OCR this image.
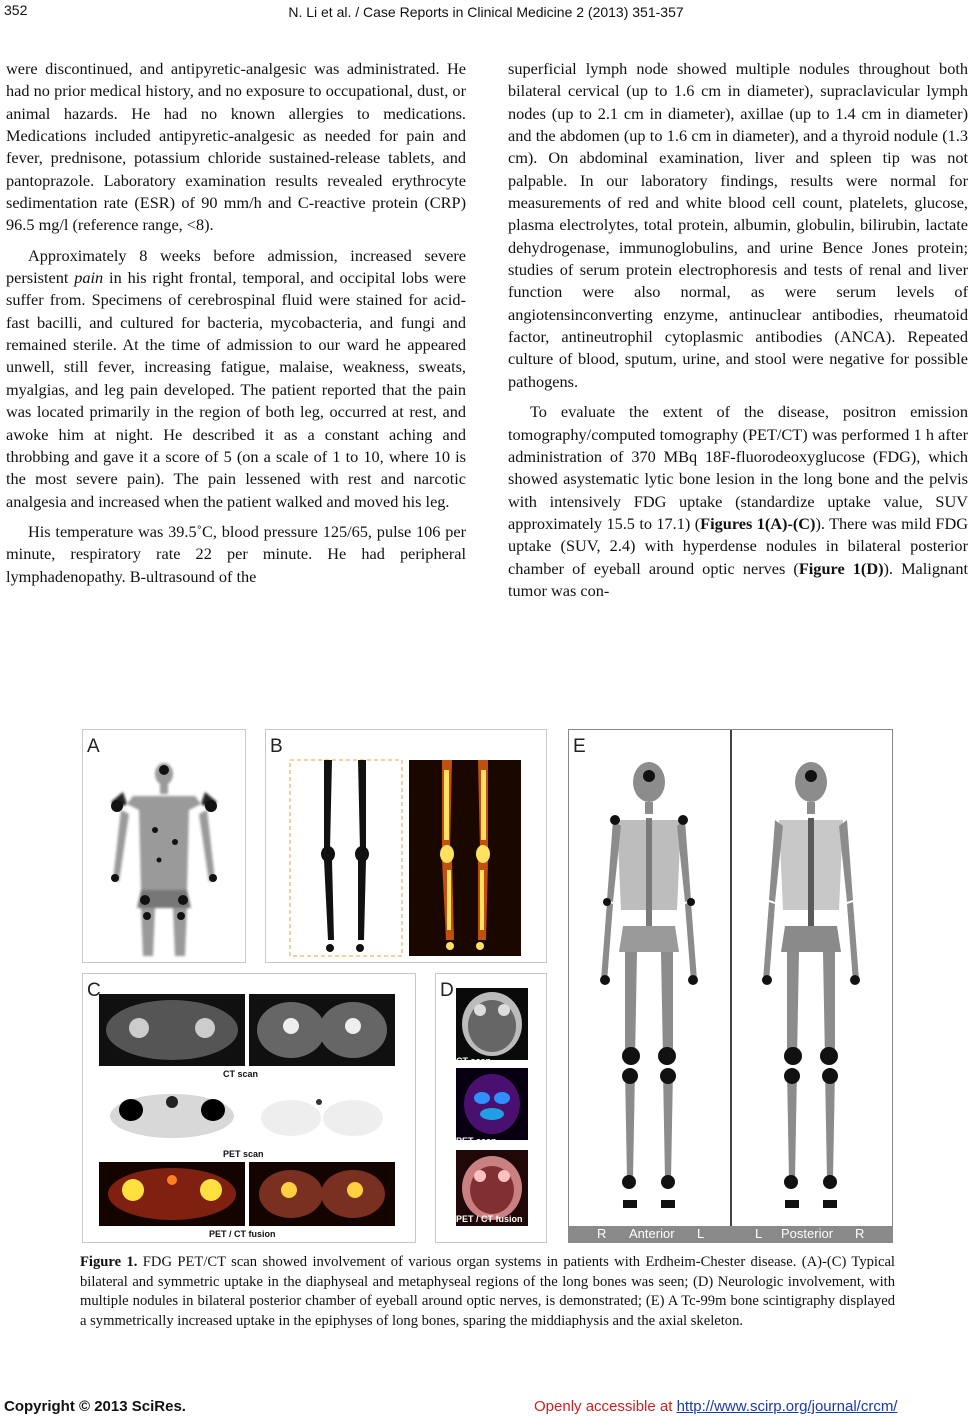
352	N. Li et al. / Case Reports in Clinical Medicine 2 (2013) 351-357

were discontinued, and antipyretic-analgesic was administrated. He had no prior medical history, and no exposure to occupational, dust, or animal hazards. He had no known allergies to medications. Medications included antipyretic-analgesic as needed for pain and fever, prednisone, potassium chloride sustained-release tablets, and pantoprazole. Laboratory examination results revealed erythrocyte sedimentation rate (ESR) of 90 mm/h and C-reactive protein (CRP) 96.5 mg/l (reference range, <8).

Approximately 8 weeks before admission, increased severe persistent pain in his right frontal, temporal, and occipital lobs were suffer from. Specimens of cerebrospinal fluid were stained for acid-fast bacilli, and cultured for bacteria, mycobacteria, and fungi and remained sterile. At the time of admission to our ward he appeared unwell, still fever, increasing fatigue, malaise, weakness, sweats, myalgias, and leg pain developed. The patient reported that the pain was located primarily in the region of both leg, occurred at rest, and awoke him at night. He described it as a constant aching and throbbing and gave it a score of 5 (on a scale of 1 to 10, where 10 is the most severe pain). The pain lessened with rest and narcotic analgesia and increased when the patient walked and moved his leg.

His temperature was 39.5˚C, blood pressure 125/65, pulse 106 per minute, respiratory rate 22 per minute. He had peripheral lymphadenopathy. B-ultrasound of the

superficial lymph node showed multiple nodules throughout both bilateral cervical (up to 1.6 cm in diameter), supraclavicular lymph nodes (up to 2.1 cm in diameter), axillae (up to 1.4 cm in diameter) and the abdomen (up to 1.6 cm in diameter), and a thyroid nodule (1.3 cm). On abdominal examination, liver and spleen tip was not palpable. In our laboratory findings, results were normal for measurements of red and white blood cell count, platelets, glucose, plasma electrolytes, total protein, albumin, globulin, bilirubin, lactate dehydrogenase, immunoglobulins, and urine Bence Jones protein; studies of serum protein electrophoresis and tests of renal and liver function were also normal, as were serum levels of angiotensinconverting enzyme, antinuclear antibodies, rheumatoid factor, antineutrophil cytoplasmic antibodies (ANCA). Repeated culture of blood, sputum, urine, and stool were negative for possible pathogens.

To evaluate the extent of the disease, positron emission tomography/computed tomography (PET/CT) was performed 1 h after administration of 370 MBq 18F-fluorodeoxyglucose (FDG), which showed asystematic lytic bone lesion in the long bone and the pelvis with intensively FDG uptake (standardize uptake value, SUV approximately 15.5 to 17.1) (Figures 1(A)-(C)). There was mild FDG uptake (SUV, 2.4) with hyperdense nodules in bilateral posterior chamber of eyeball around optic nerves (Figure 1(D)). Malignant tumor was con-

A	B
C
CT scan
PET scan
PET / CT fusion
D
CT scan
PET scan
PET / CT fusion
E
R Anterior L	L Posterior R
Figure 1. FDG PET/CT scan showed involvement of various organ systems in patients with Erdheim-Chester disease. (A)-(C) Typical bilateral and symmetric uptake in the diaphyseal and metaphyseal regions of the long bones was seen; (D) Neurologic involvement, with multiple nodules in bilateral posterior chamber of eyeball around optic nerves, is demonstrated; (E) A Tc-99m bone scintigraphy displayed a symmetrically increased uptake in the epiphyses of long bones, sparing the middiaphysis and the axial skeleton.
Copyright © 2013 SciRes.	Openly accessible at http://www.scirp.org/journal/crcm/
